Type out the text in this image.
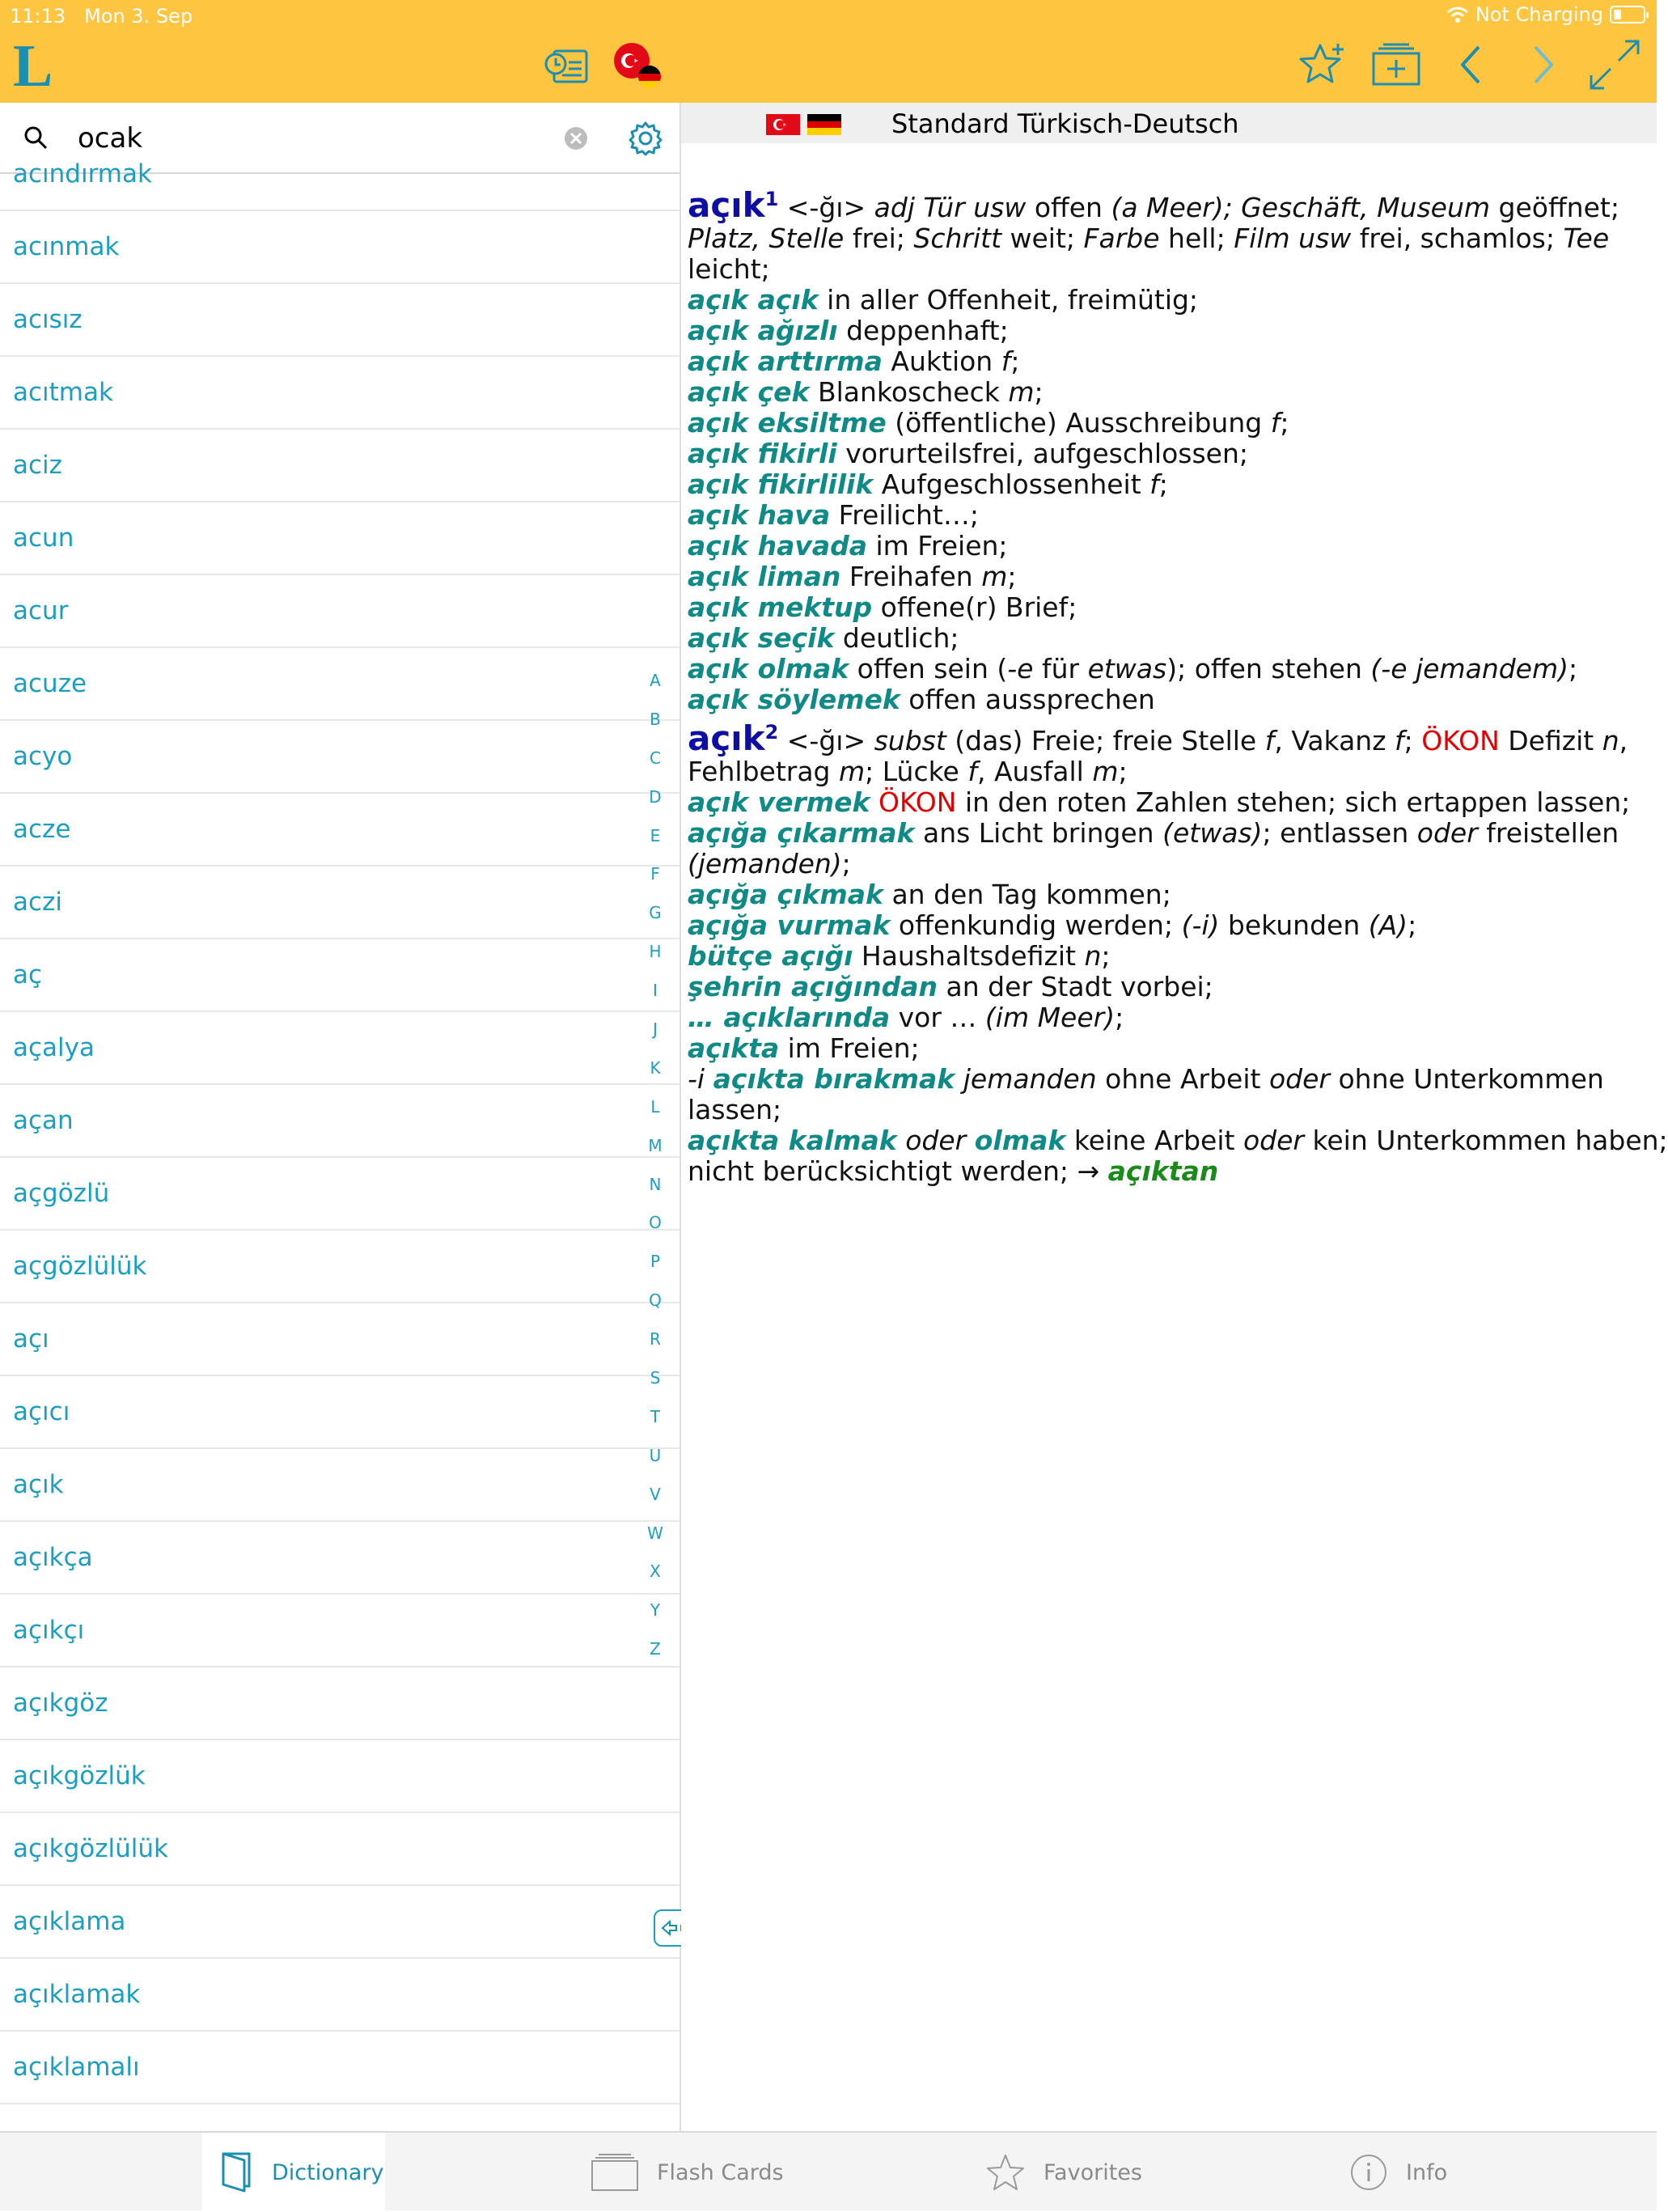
11:13 Mon 3. Sep	Not Charging
L
ocak
acındırmak
acınmak
acısız
acıtmak
aciz
acun
acur
acuze
acyo
acze
aczi
aç
açalya
açan
açgözlü
açgözlülük
açı
açıcı
açık
açıkça
açıkçı
açıkgöz
açıkgözlük
açıkgözlülük
açıklama
açıklamak
açıklamalı
A
B
C
D
E
F
G
H
I
J
K
L
M
N
O
P
Q
R
S
T
U
V
W
X
Y
Z
Standard Türkisch-Deutsch
açık$^1$ <-ğı> adj Tür usw offen (a Meer); Geschäft, Museum geöffnet;
Platz, Stelle frei; Schritt weit; Farbe hell; Film usw frei, schamlos; Tee
leicht;
açık açık in aller Offenheit, freimütig;
açık ağızlı deppenhaft;
açık arttırma Auktion f;
açık çek Blankoscheck m;
açık eksiltme (öffentliche) Ausschreibung f;
açık fikirli vorurteilsfrei, aufgeschlossen;
açık fikirlilik Aufgeschlossenheit f;
açık hava Freilicht…;
açık havada im Freien;
açık liman Freihafen m;
açık mektup offene(r) Brief;
açık seçik deutlich;
açık olmak offen sein (-e für etwas); offen stehen (-e jemandem);
açık söylemek offen aussprechen
açık$^2$ <-ğı> subst (das) Freie; freie Stelle f, Vakanz f; ÖKON Defizit n,
Fehlbetrag m; Lücke f, Ausfall m;
açık vermek ÖKON in den roten Zahlen stehen; sich ertappen lassen;
açığa çıkarmak ans Licht bringen (etwas); entlassen oder freistellen
(jemanden);
açığa çıkmak an den Tag kommen;
açığa vurmak offenkundig werden; (-i) bekunden (A);
bütçe açığı Haushaltsdefizit n;
şehrin açığından an der Stadt vorbei;
… açıklarında vor … (im Meer);
açıkta im Freien;
-i açıkta bırakmak jemanden ohne Arbeit oder ohne Unterkommen
lassen;
açıkta kalmak oder olmak keine Arbeit oder kein Unterkommen haben;
nicht berücksichtigt werden; → açıktan
Dictionary	Flash Cards	Favorites	Info
